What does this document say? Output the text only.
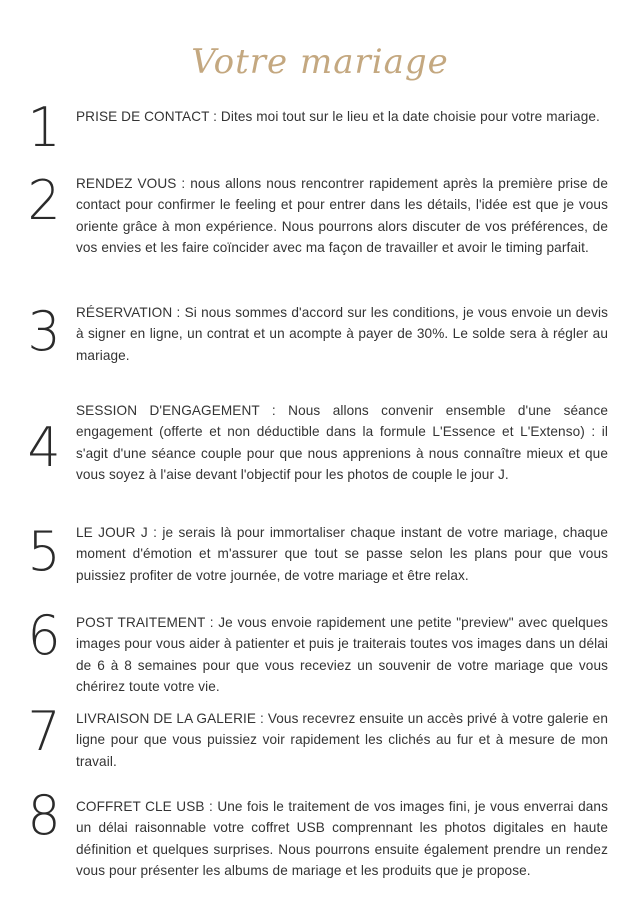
Votre mariage
1	PRISE DE CONTACT : Dites moi tout sur le lieu et la date choisie pour votre mariage.
2	RENDEZ VOUS : nous allons nous rencontrer rapidement après la première prise de contact pour confirmer le feeling et pour entrer dans les détails, l'idée est que je vous oriente grâce à mon expérience. Nous pourrons alors discuter de vos préférences, de vos envies et les faire coïncider avec ma façon de travailler et avoir le timing parfait.
3	RÉSERVATION : Si nous sommes d'accord sur les conditions, je vous envoie un devis à signer en ligne, un contrat et un acompte à payer de 30%. Le solde sera à régler au mariage.
4
SESSION D'ENGAGEMENT : Nous allons convenir ensemble d'une séance engagement (offerte et non déductible dans la formule L'Essence et L'Extenso) : il s'agit d'une séance couple pour que nous apprenions à nous connaître mieux et que vous soyez à l'aise devant l'objectif pour les photos de couple le jour J.
5	LE JOUR J : je serais là pour immortaliser chaque instant de votre mariage, chaque moment d'émotion et m'assurer que tout se passe selon les plans pour que vous puissiez profiter de votre journée, de votre mariage et être relax.
6	POST TRAITEMENT : Je vous envoie rapidement une petite "preview" avec quelques images pour vous aider à patienter et puis je traiterais toutes vos images dans un délai de 6 à 8 semaines pour que vous receviez un souvenir de votre mariage que vous chérirez toute votre vie.
7	LIVRAISON DE LA GALERIE : Vous recevrez ensuite un accès privé à votre galerie en ligne pour que vous puissiez voir rapidement les clichés au fur et à mesure de mon travail.
8	COFFRET CLE USB : Une fois le traitement de vos images fini, je vous enverrai dans un délai raisonnable votre coffret USB comprennant les photos digitales en haute définition et quelques surprises. Nous pourrons ensuite également prendre un rendez vous pour présenter les albums de mariage et les produits que je propose.
